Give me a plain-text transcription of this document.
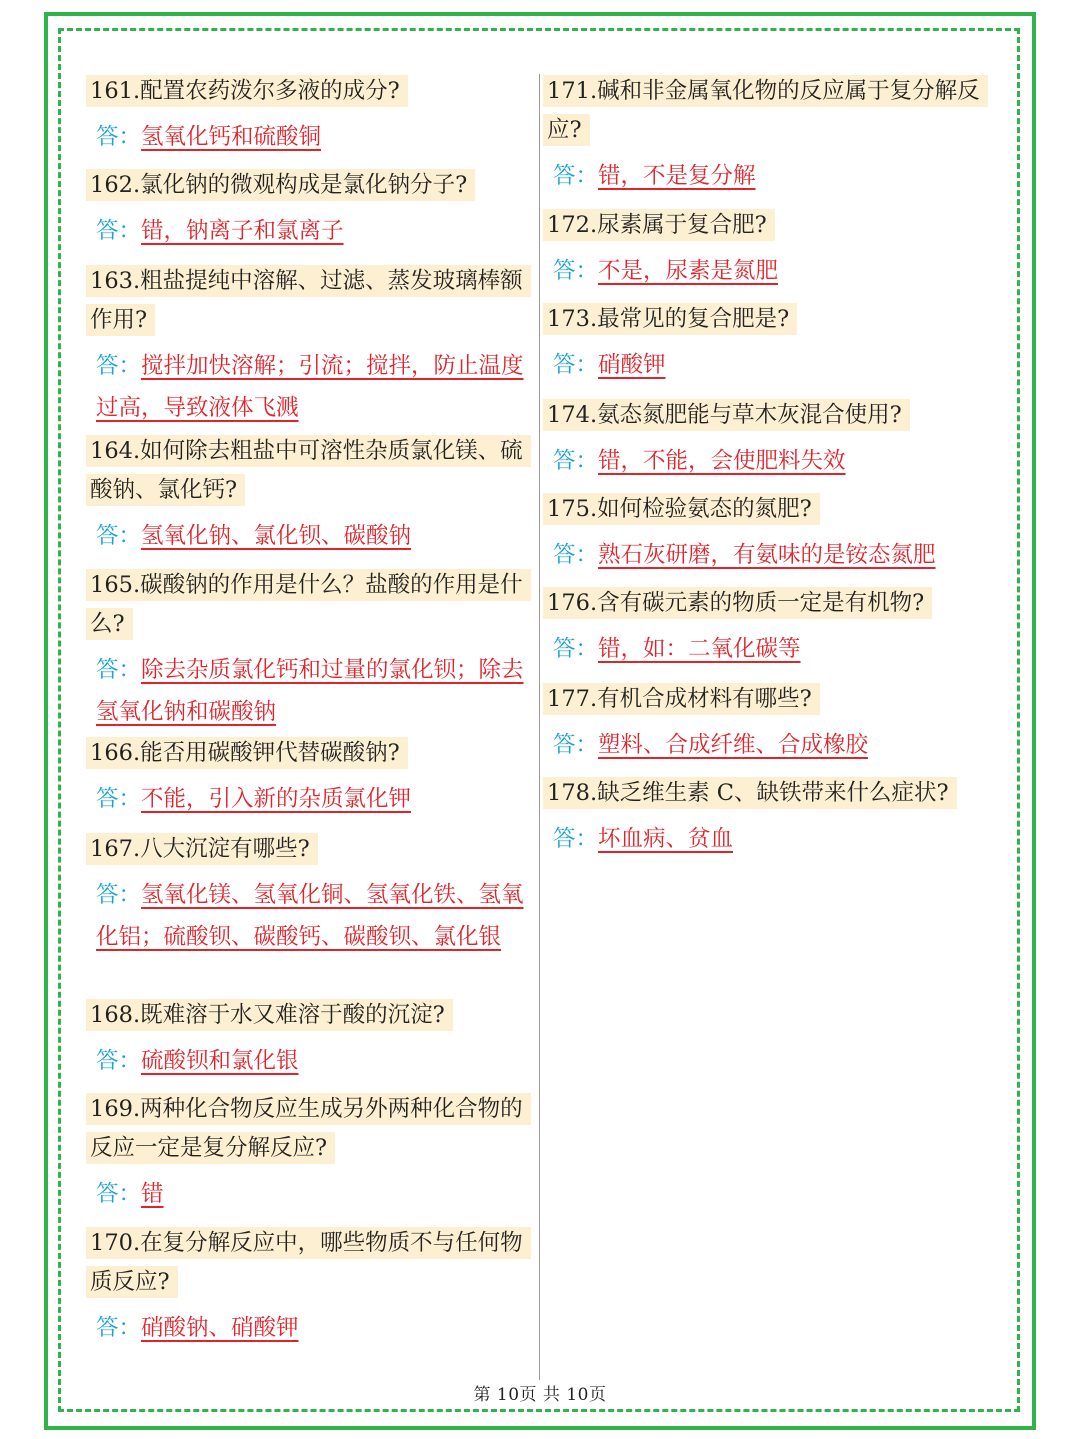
161.配置农药泼尔多液的成分?
答：氢氧化钙和硫酸铜
162.氯化钠的微观构成是氯化钠分子?
答：错，钠离子和氯离子
163.粗盐提纯中溶解、过滤、蒸发玻璃棒额作用?
答：搅拌加快溶解；引流；搅拌，防止温度过高，导致液体飞溅
164.如何除去粗盐中可溶性杂质氯化镁、硫酸钠、氯化钙?
答：氢氧化钠、氯化钡、碳酸钠
165.碳酸钠的作用是什么？盐酸的作用是什么?
答：除去杂质氯化钙和过量的氯化钡；除去氢氧化钠和碳酸钠
166.能否用碳酸钾代替碳酸钠?
答：不能，引入新的杂质氯化钾
167.八大沉淀有哪些?
答：氢氧化镁、氢氧化铜、氢氧化铁、氢氧化铝；硫酸钡、碳酸钙、碳酸钡、氯化银
168.既难溶于水又难溶于酸的沉淀?
答：硫酸钡和氯化银
169.两种化合物反应生成另外两种化合物的反应一定是复分解反应?
答：错
170.在复分解反应中，哪些物质不与任何物质反应?
答：硝酸钠、硝酸钾
171.碱和非金属氧化物的反应属于复分解反应?
答：错，不是复分解
172.尿素属于复合肥?
答：不是，尿素是氮肥
173.最常见的复合肥是?
答：硝酸钾
174.氨态氮肥能与草木灰混合使用?
答：错，不能，会使肥料失效
175.如何检验氨态的氮肥?
答：熟石灰研磨，有氨味的是铵态氮肥
176.含有碳元素的物质一定是有机物?
答：错，如：二氧化碳等
177.有机合成材料有哪些?
答：塑料、合成纤维、合成橡胶
178.缺乏维生素 C、缺铁带来什么症状?
答：坏血病、贫血
第 10页 共 10页
